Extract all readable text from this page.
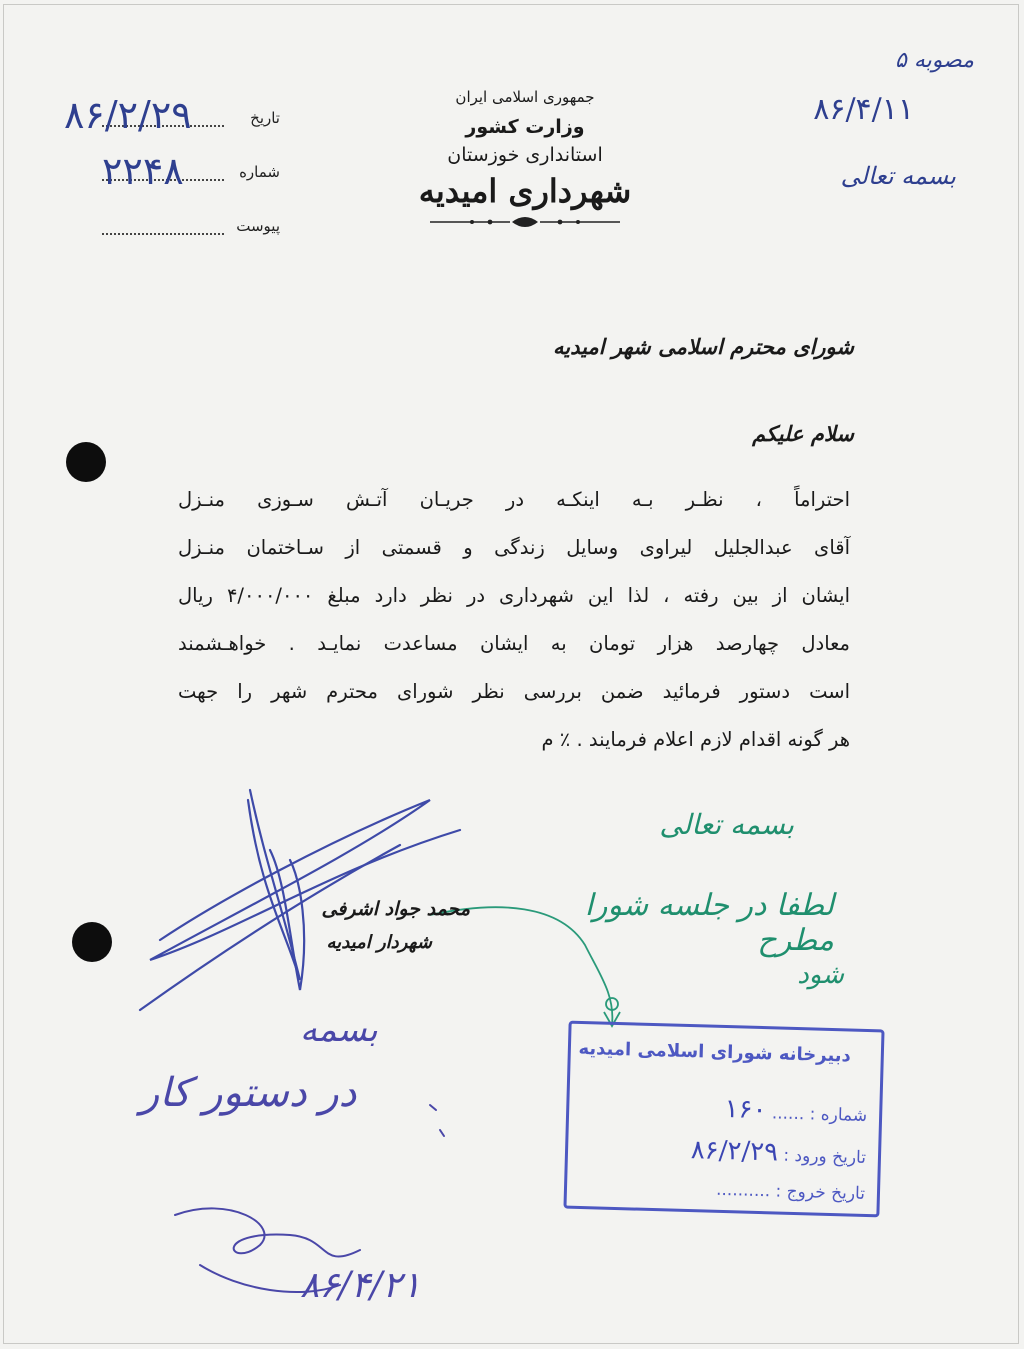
تاریخ
۸۶/۲/۲۹
شماره
۲۲۴۸
پیوست
جمهوری اسلامی ایران
وزارت کشور
استانداری خوزستان
شهرداری امیدیه
مصوبه ۵
۸۶/۴/۱۱
بسمه تعالی
شورای محترم اسلامی شهر امیدیه
سلام علیکم
احتراماً ، نظـر بـه اینکـه در جریـان آتـش سـوزی منـزل
آقای عبدالجلیل لیراوی وسایل زندگی و قسمتی از سـاختمان منـزل
ایشان از بین رفته ، لذا این شهرداری در نظر دارد مبلغ ۴/۰۰۰/۰۰۰ ریال
معادل چهارصد هزار تومان به ایشان مساعدت نمایـد . خواهـشمند
است دستور فرمائید ضمن بررسی نظر شورای محترم شهر را جهت
هر گونه اقدام لازم اعلام فرمایند . ٪ م
محمد جواد اشرفی
شهردار امیدیه
بسمه تعالی
لطفا در جلسه شورا مطرح
شود
دبیرخانه شورای اسلامی امیدیه
شماره : ...... ۱۶۰
تاریخ ورود : ۸۶/۲/۲۹
تاریخ خروج : ..........
بسمه
در دستور کار
۸۶/۴/۲۱
